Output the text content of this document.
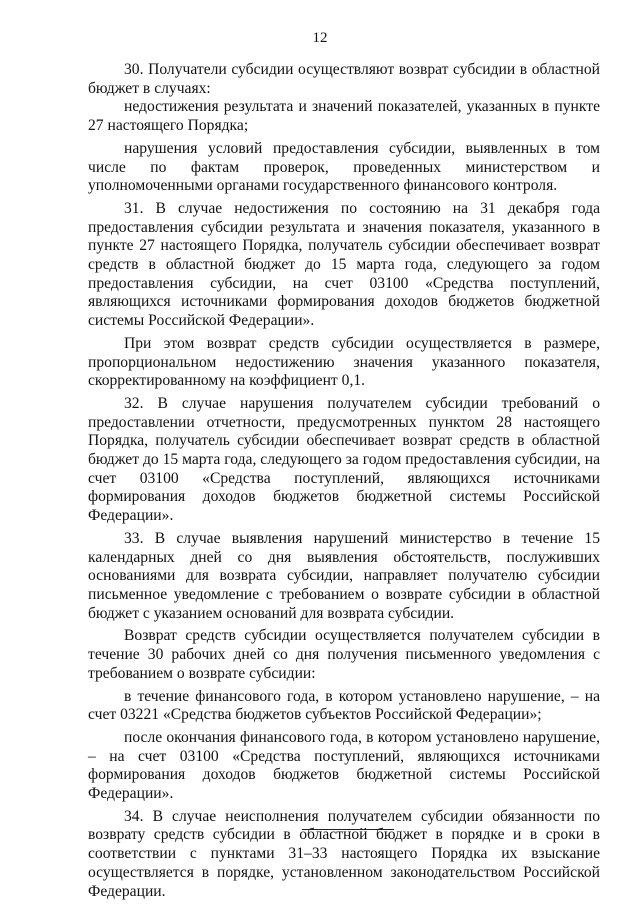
12

30. Получатели субсидии осуществляют возврат субсидии в областной бюджет в случаях:

недостижения результата и значений показателей, указанных в пункте 27 настоящего Порядка;

нарушения условий предоставления субсидии, выявленных в том числе по фактам проверок, проведенных министерством и уполномоченными органами государственного финансового контроля.

31. В случае недостижения по состоянию на 31 декабря года предоставления субсидии результата и значения показателя, указанного в пункте 27 настоящего Порядка, получатель субсидии обеспечивает возврат средств в областной бюджет до 15 марта года, следующего за годом предоставления субсидии, на счет 03100 «Средства поступлений, являющихся источниками формирования доходов бюджетов бюджетной системы Российской Федерации».

При этом возврат средств субсидии осуществляется в размере, пропорциональном недостижению значения указанного показателя, скорректированному на коэффициент 0,1.

32. В случае нарушения получателем субсидии требований о предоставлении отчетности, предусмотренных пунктом 28 настоящего Порядка, получатель субсидии обеспечивает возврат средств в областной бюджет до 15 марта года, следующего за годом предоставления субсидии, на счет 03100 «Средства поступлений, являющихся источниками формирования доходов бюджетов бюджетной системы Российской Федерации».

33. В случае выявления нарушений министерство в течение 15 календарных дней со дня выявления обстоятельств, послуживших основаниями для возврата субсидии, направляет получателю субсидии письменное уведомление с требованием о возврате субсидии в областной бюджет с указанием оснований для возврата субсидии.

Возврат средств субсидии осуществляется получателем субсидии в течение 30 рабочих дней со дня получения письменного уведомления с требованием о возврате субсидии:

в течение финансового года, в котором установлено нарушение, – на счет 03221 «Средства бюджетов субъектов Российской Федерации»;

после окончания финансового года, в котором установлено нарушение, – на счет 03100 «Средства поступлений, являющихся источниками формирования доходов бюджетов бюджетной системы Российской Федерации».

34. В случае неисполнения получателем субсидии обязанности по возврату средств субсидии в областной бюджет в порядке и в сроки в соответствии с пунктами 31–33 настоящего Порядка их взыскание осуществляется в порядке, установленном законодательством Российской Федерации.
